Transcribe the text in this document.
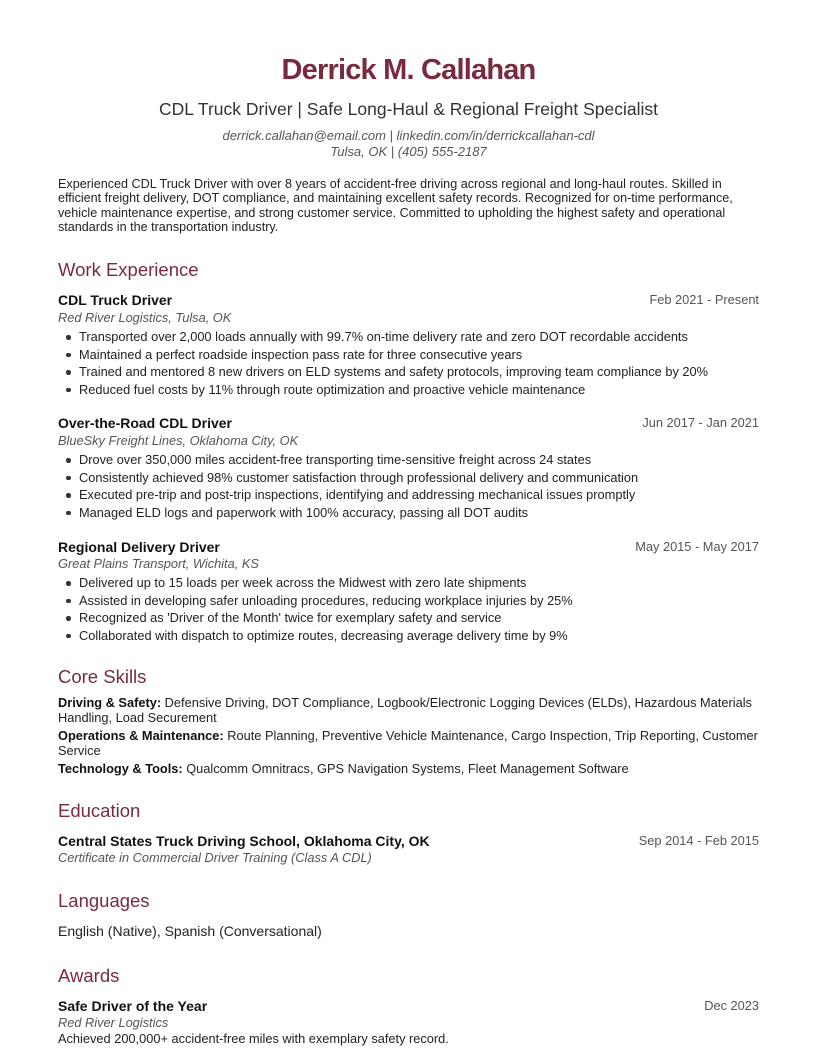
Derrick M. Callahan
CDL Truck Driver | Safe Long-Haul & Regional Freight Specialist
derrick.callahan@email.com | linkedin.com/in/derrickcallahan-cdl
Tulsa, OK | (405) 555-2187
Experienced CDL Truck Driver with over 8 years of accident-free driving across regional and long-haul routes. Skilled in efficient freight delivery, DOT compliance, and maintaining excellent safety records. Recognized for on-time performance, vehicle maintenance expertise, and strong customer service. Committed to upholding the highest safety and operational standards in the transportation industry.
Work Experience
CDL Truck Driver	Feb 2021 - Present
Red River Logistics, Tulsa, OK
Transported over 2,000 loads annually with 99.7% on-time delivery rate and zero DOT recordable accidents
Maintained a perfect roadside inspection pass rate for three consecutive years
Trained and mentored 8 new drivers on ELD systems and safety protocols, improving team compliance by 20%
Reduced fuel costs by 11% through route optimization and proactive vehicle maintenance
Over-the-Road CDL Driver	Jun 2017 - Jan 2021
BlueSky Freight Lines, Oklahoma City, OK
Drove over 350,000 miles accident-free transporting time-sensitive freight across 24 states
Consistently achieved 98% customer satisfaction through professional delivery and communication
Executed pre-trip and post-trip inspections, identifying and addressing mechanical issues promptly
Managed ELD logs and paperwork with 100% accuracy, passing all DOT audits
Regional Delivery Driver	May 2015 - May 2017
Great Plains Transport, Wichita, KS
Delivered up to 15 loads per week across the Midwest with zero late shipments
Assisted in developing safer unloading procedures, reducing workplace injuries by 25%
Recognized as 'Driver of the Month' twice for exemplary safety and service
Collaborated with dispatch to optimize routes, decreasing average delivery time by 9%
Core Skills
Driving & Safety: Defensive Driving, DOT Compliance, Logbook/Electronic Logging Devices (ELDs), Hazardous Materials Handling, Load Securement
Operations & Maintenance: Route Planning, Preventive Vehicle Maintenance, Cargo Inspection, Trip Reporting, Customer Service
Technology & Tools: Qualcomm Omnitracs, GPS Navigation Systems, Fleet Management Software
Education
Central States Truck Driving School, Oklahoma City, OK	Sep 2014 - Feb 2015
Certificate in Commercial Driver Training (Class A CDL)
Languages
English (Native), Spanish (Conversational)
Awards
Safe Driver of the Year	Dec 2023
Red River Logistics
Achieved 200,000+ accident-free miles with exemplary safety record.
